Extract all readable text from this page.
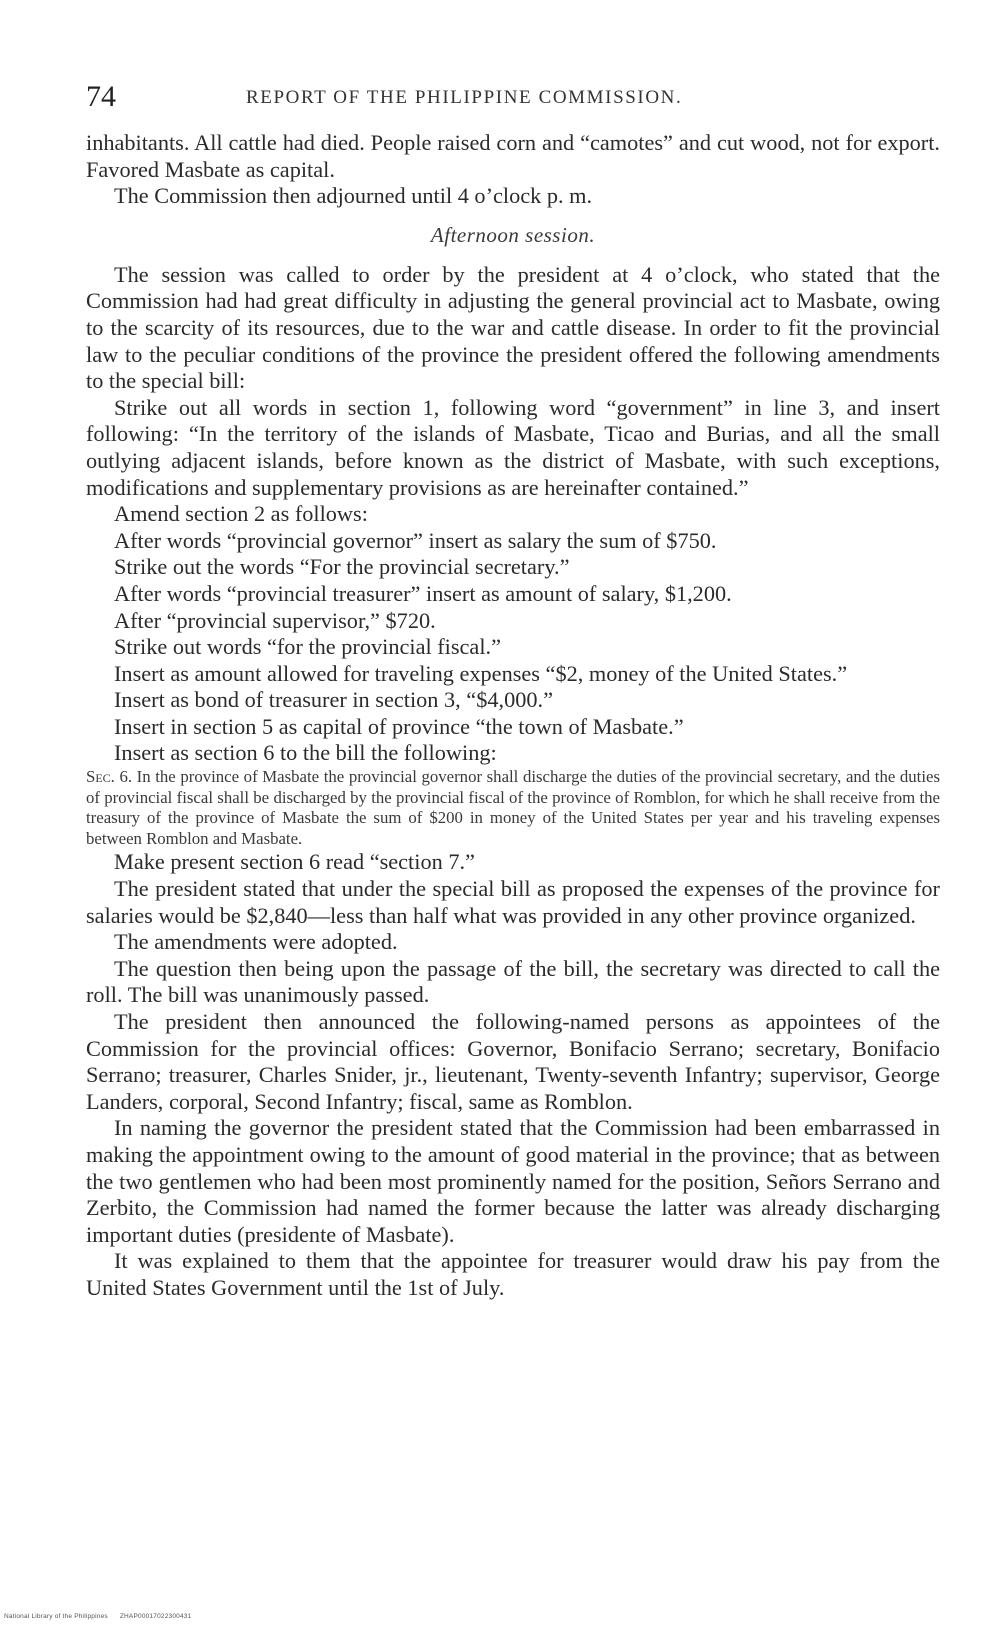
74	REPORT OF THE PHILIPPINE COMMISSION.

inhabitants. All cattle had died. People raised corn and “camotes” and cut wood, not for export. Favored Masbate as capital.

The Commission then adjourned until 4 o’clock p. m.

Afternoon session.

The session was called to order by the president at 4 o’clock, who stated that the Commission had had great difficulty in adjusting the general provincial act to Masbate, owing to the scarcity of its resources, due to the war and cattle disease. In order to fit the provincial law to the peculiar conditions of the province the president offered the following amendments to the special bill:

Strike out all words in section 1, following word “government” in line 3, and insert following: “In the territory of the islands of Masbate, Ticao and Burias, and all the small outlying adjacent islands, before known as the district of Masbate, with such exceptions, modifications and supplementary provisions as are hereinafter contained.”

Amend section 2 as follows:

After words “provincial governor” insert as salary the sum of $750.

Strike out the words “For the provincial secretary.”

After words “provincial treasurer” insert as amount of salary, $1,200.

After “provincial supervisor,” $720.

Strike out words “for the provincial fiscal.”

Insert as amount allowed for traveling expenses “$2, money of the United States.”

Insert as bond of treasurer in section 3, “$4,000.”

Insert in section 5 as capital of province “the town of Masbate.”

Insert as section 6 to the bill the following:

Sec. 6. In the province of Masbate the provincial governor shall discharge the duties of the provincial secretary, and the duties of provincial fiscal shall be discharged by the provincial fiscal of the province of Romblon, for which he shall receive from the treasury of the province of Masbate the sum of $200 in money of the United States per year and his traveling expenses between Romblon and Masbate.

Make present section 6 read “section 7.”

The president stated that under the special bill as proposed the expenses of the province for salaries would be $2,840—less than half what was provided in any other province organized.

The amendments were adopted.

The question then being upon the passage of the bill, the secretary was directed to call the roll. The bill was unanimously passed.

The president then announced the following-named persons as appointees of the Commission for the provincial offices: Governor, Bonifacio Serrano; secretary, Bonifacio Serrano; treasurer, Charles Snider, jr., lieutenant, Twenty-seventh Infantry; supervisor, George Landers, corporal, Second Infantry; fiscal, same as Romblon.

In naming the governor the president stated that the Commission had been embarrassed in making the appointment owing to the amount of good material in the province; that as between the two gentlemen who had been most prominently named for the position, Señors Serrano and Zerbito, the Commission had named the former because the latter was already discharging important duties (presidente of Masbate).

It was explained to them that the appointee for treasurer would draw his pay from the United States Government until the 1st of July.

National Library of the Philippines      ZHAP00017022300431
